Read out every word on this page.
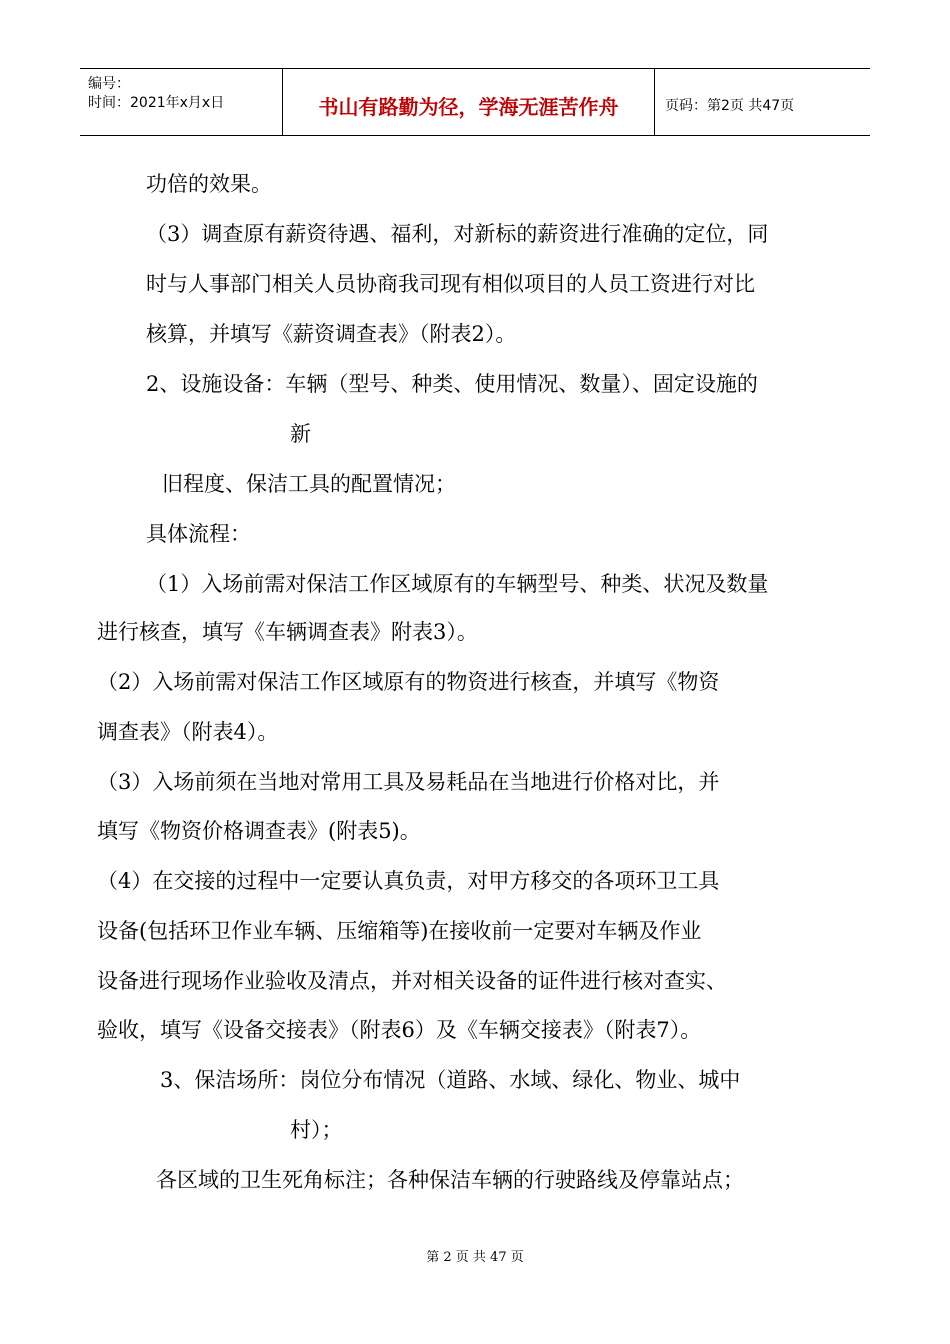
编号：
时间：2021年x月x日	书山有路勤为径，学海无涯苦作舟	页码：第2页 共47页
功倍的效果。
（3）调查原有薪资待遇、福利，对新标的薪资进行准确的定位，同
时与人事部门相关人员协商我司现有相似项目的人员工资进行对比
核算，并填写《薪资调查表》（附表2）。
2、设施设备：车辆（型号、种类、使用情况、数量）、固定设施的
新
旧程度、保洁工具的配置情况；
具体流程：
（1）入场前需对保洁工作区域原有的车辆型号、种类、状况及数量
进行核查，填写《车辆调查表》附表3）。
（2）入场前需对保洁工作区域原有的物资进行核查，并填写《物资
调查表》（附表4）。
（3）入场前须在当地对常用工具及易耗品在当地进行价格对比，并
填写《物资价格调查表》(附表5)。
（4）在交接的过程中一定要认真负责，对甲方移交的各项环卫工具
设备(包括环卫作业车辆、压缩箱等)在接收前一定要对车辆及作业
设备进行现场作业验收及清点，并对相关设备的证件进行核对查实、
验收，填写《设备交接表》（附表6）及《车辆交接表》（附表7）。
3、保洁场所：岗位分布情况（道路、水域、绿化、物业、城中
村）；
各区域的卫生死角标注；各种保洁车辆的行驶路线及停靠站点；
第 2 页 共 47 页
